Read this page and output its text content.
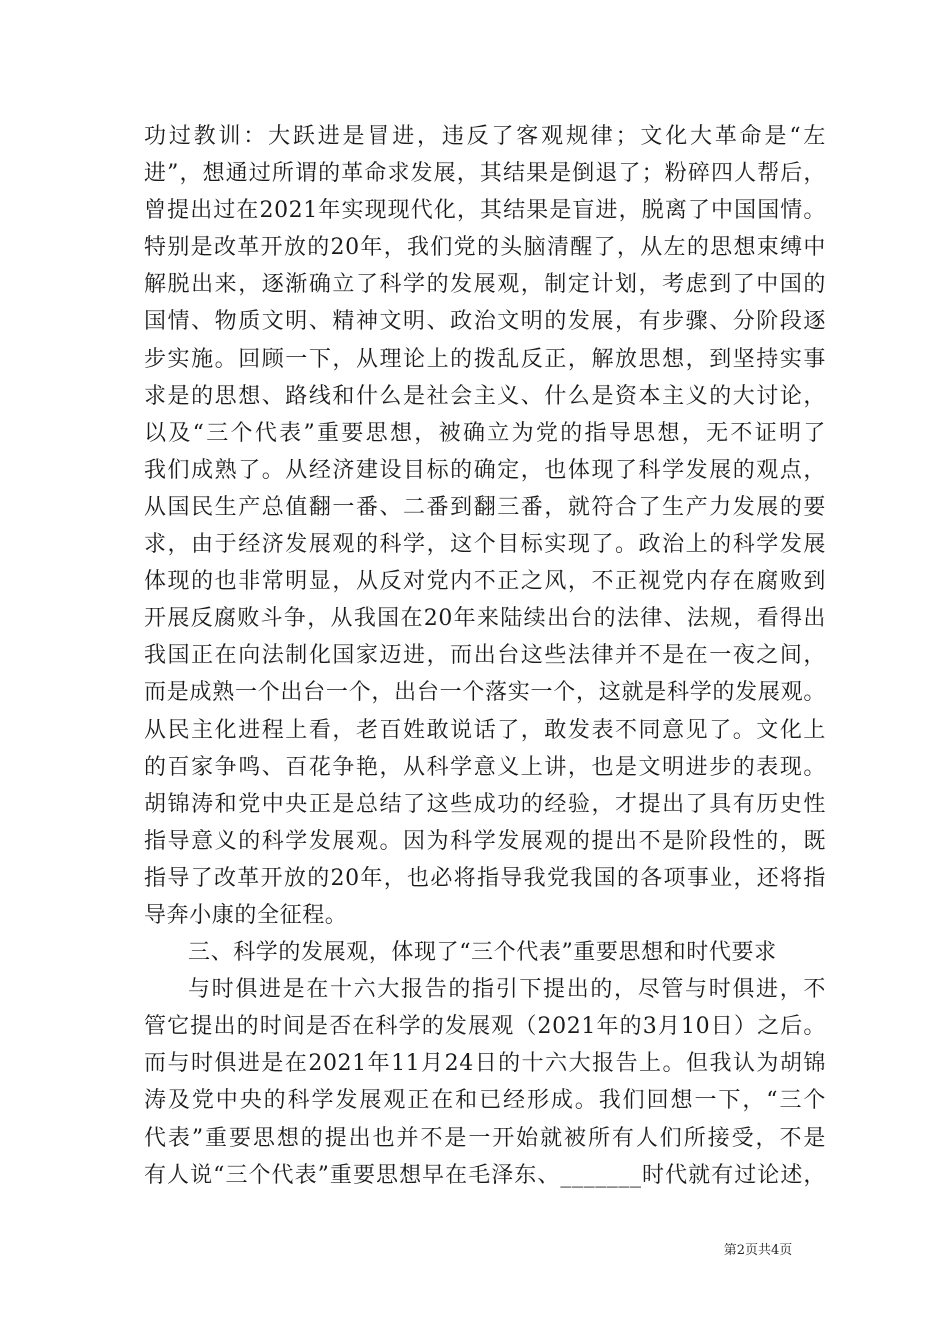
功过教训：大跃进是冒进，违反了客观规律；文化大革命是“左
进”，想通过所谓的革命求发展，其结果是倒退了；粉碎四人帮后，
曾提出过在2021年实现现代化，其结果是盲进，脱离了中国国情。
特别是改革开放的20年，我们党的头脑清醒了，从左的思想束缚中
解脱出来，逐渐确立了科学的发展观，制定计划，考虑到了中国的
国情、物质文明、精神文明、政治文明的发展，有步骤、分阶段逐
步实施。回顾一下，从理论上的拨乱反正，解放思想，到坚持实事
求是的思想、路线和什么是社会主义、什么是资本主义的大讨论，
以及“三个代表”重要思想，被确立为党的指导思想，无不证明了
我们成熟了。从经济建设目标的确定，也体现了科学发展的观点，
从国民生产总值翻一番、二番到翻三番，就符合了生产力发展的要
求，由于经济发展观的科学，这个目标实现了。政治上的科学发展
体现的也非常明显，从反对党内不正之风，不正视党内存在腐败到
开展反腐败斗争，从我国在20年来陆续出台的法律、法规，看得出
我国正在向法制化国家迈进，而出台这些法律并不是在一夜之间，
而是成熟一个出台一个，出台一个落实一个，这就是科学的发展观。
从民主化进程上看，老百姓敢说话了，敢发表不同意见了。文化上
的百家争鸣、百花争艳，从科学意义上讲，也是文明进步的表现。
胡锦涛和党中央正是总结了这些成功的经验，才提出了具有历史性
指导意义的科学发展观。因为科学发展观的提出不是阶段性的，既
指导了改革开放的20年，也必将指导我党我国的各项事业，还将指
导奔小康的全征程。
三、科学的发展观，体现了“三个代表”重要思想和时代要求
与时俱进是在十六大报告的指引下提出的，尽管与时俱进，不
管它提出的时间是否在科学的发展观（2021年的3月10日）之后。
而与时俱进是在2021年11月24日的十六大报告上。但我认为胡锦
涛及党中央的科学发展观正在和已经形成。我们回想一下，“三个
代表”重要思想的提出也并不是一开始就被所有人们所接受，不是
有人说“三个代表”重要思想早在毛泽东、_______时代就有过论述，
第2页共4页
